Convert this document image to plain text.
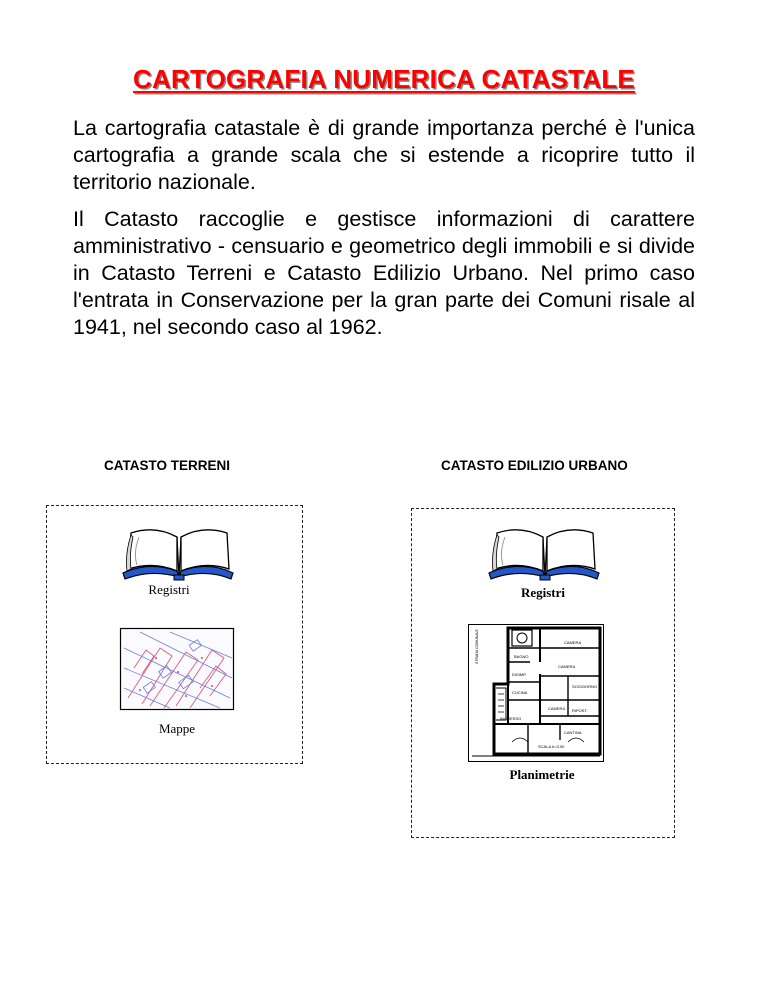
CARTOGRAFIA NUMERICA CATASTALE
La cartografia catastale è di grande importanza perché è l'unica cartografia a grande scala che si estende a ricoprire tutto il territorio nazionale.
Il Catasto raccoglie e gestisce informazioni di carattere amministrativo - censuario e geometrico degli immobili e si divide in Catasto Terreni e Catasto Edilizio Urbano. Nel primo caso l'entrata in Conservazione per la gran parte dei Comuni risale al 1941, nel secondo caso al 1962.
CATASTO TERRENI
Registri
Mappe
CATASTO EDILIZIO URBANO
Registri
CAMERA
BAGNO
CAMERA
DISIMP.
CUCINA
SOGGIORNO
CAMERA RIPOST.
INGRESSO
CANTINA
SCALA h=3.00
STRADA COMUNALE
Planimetrie
